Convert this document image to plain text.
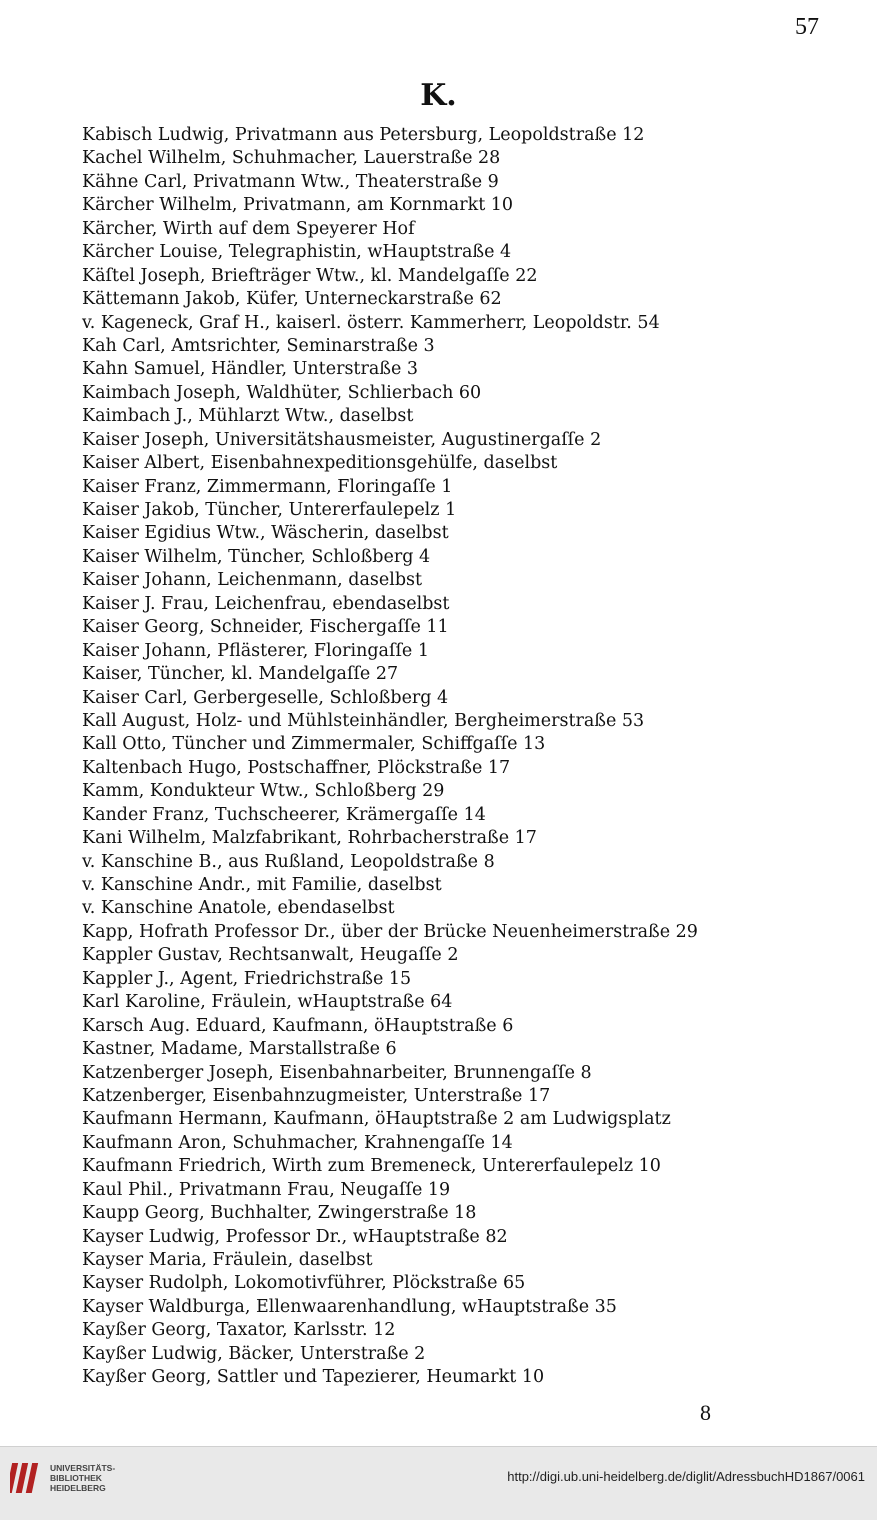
57
K.
Kabisch Ludwig, Privatmann aus Petersburg, Leopoldstraße 12
Kachel Wilhelm, Schuhmacher, Lauerstraße 28
Kähne Carl, Privatmann Wtw., Theaterstraße 9
Kärcher Wilhelm, Privatmann, am Kornmarkt 10
Kärcher, Wirth auf dem Speyerer Hof
Kärcher Louise, Telegraphistin, wHauptstraße 4
Käſtel Joseph, Briefträger Wtw., kl. Mandelgaſſe 22
Kättemann Jakob, Küfer, Unterneckarstraße 62
v. Kageneck, Graf H., kaiserl. österr. Kammerherr, Leopoldstr. 54
Kah Carl, Amtsrichter, Seminarstraße 3
Kahn Samuel, Händler, Unterstraße 3
Kaimbach Joseph, Waldhüter, Schlierbach 60
Kaimbach J., Mühlarzt Wtw., daselbst
Kaiser Joseph, Universitätshausmeister, Augustinergaſſe 2
Kaiser Albert, Eisenbahnexpeditionsgehülfe, daselbst
Kaiser Franz, Zimmermann, Floringaſſe 1
Kaiser Jakob, Tüncher, Untererfaulepelz 1
Kaiser Egidius Wtw., Wäscherin, daselbst
Kaiser Wilhelm, Tüncher, Schloßberg 4
Kaiser Johann, Leichenmann, daselbst
Kaiser J. Frau, Leichenfrau, ebendaselbst
Kaiser Georg, Schneider, Fischergaſſe 11
Kaiser Johann, Pflästerer, Floringaſſe 1
Kaiser, Tüncher, kl. Mandelgaſſe 27
Kaiser Carl, Gerbergeselle, Schloßberg 4
Kall August, Holz- und Mühlsteinhändler, Bergheimerstraße 53
Kall Otto, Tüncher und Zimmermaler, Schiffgaſſe 13
Kaltenbach Hugo, Postschaffner, Plöckstraße 17
Kamm, Kondukteur Wtw., Schloßberg 29
Kander Franz, Tuchscheerer, Krämergaſſe 14
Kani Wilhelm, Malzfabrikant, Rohrbacherstraße 17
v. Kanschine B., aus Rußland, Leopoldstraße 8
v. Kanschine Andr., mit Familie, daselbst
v. Kanschine Anatole, ebendaselbst
Kapp, Hofrath Professor Dr., über der Brücke Neuenheimerstraße 29
Kappler Gustav, Rechtsanwalt, Heugaſſe 2
Kappler J., Agent, Friedrichstraße 15
Karl Karoline, Fräulein, wHauptstraße 64
Karsch Aug. Eduard, Kaufmann, öHauptstraße 6
Kastner, Madame, Marstallstraße 6
Katzenberger Joseph, Eisenbahnarbeiter, Brunnengaſſe 8
Katzenberger, Eisenbahnzugmeister, Unterstraße 17
Kaufmann Hermann, Kaufmann, öHauptstraße 2 am Ludwigsplatz
Kaufmann Aron, Schuhmacher, Krahnengaſſe 14
Kaufmann Friedrich, Wirth zum Bremeneck, Untererfaulepelz 10
Kaul Phil., Privatmann Frau, Neugaſſe 19
Kaupp Georg, Buchhalter, Zwingerstraße 18
Kayser Ludwig, Professor Dr., wHauptstraße 82
Kayser Maria, Fräulein, daselbst
Kayser Rudolph, Lokomotivführer, Plöckstraße 65
Kayser Waldburga, Ellenwaarenhandlung, wHauptstraße 35
Kayßer Georg, Taxator, Karlsstr. 12
Kayßer Ludwig, Bäcker, Unterstraße 2
Kayßer Georg, Sattler und Tapezierer, Heumarkt 10
8
UNIVERSITÄTS-
BIBLIOTHEK
HEIDELBERG
http://digi.ub.uni-heidelberg.de/diglit/AdressbuchHD1867/0061
